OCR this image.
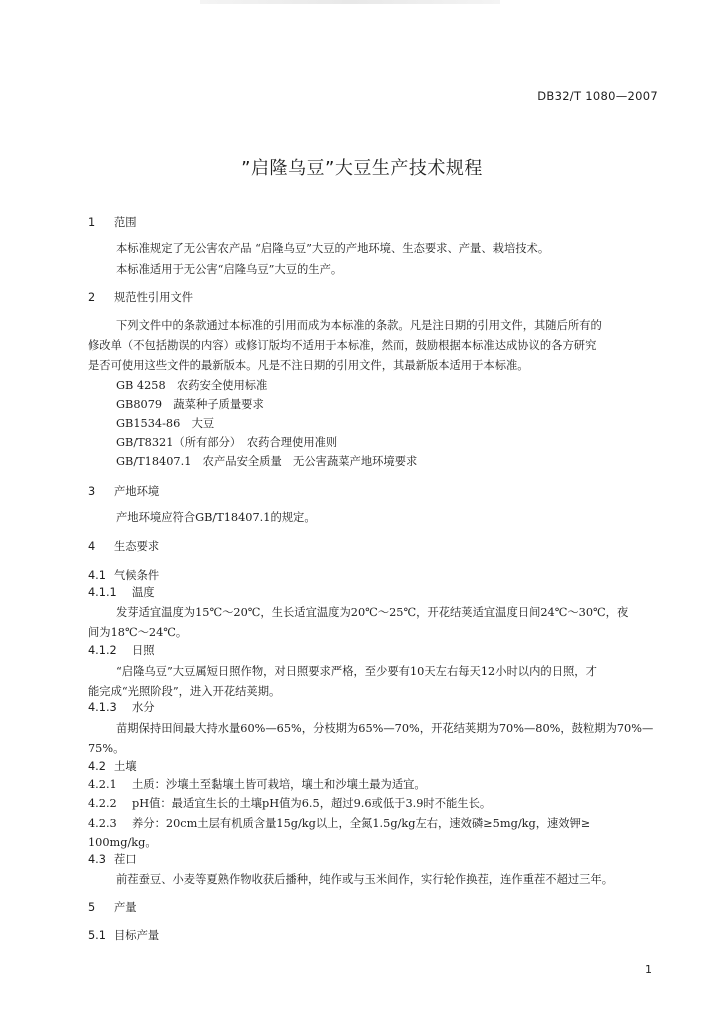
DB32/T 1080—2007
”启隆乌豆”大豆生产技术规程
1 范围
本标准规定了无公害农产品 “启隆乌豆”大豆的产地环境、生态要求、产量、栽培技术。
本标准适用于无公害“启隆乌豆”大豆的生产。
2 规范性引用文件
下列文件中的条款通过本标准的引用而成为本标准的条款。凡是注日期的引用文件，其随后所有的
修改单（不包括勘误的内容）或修订版均不适用于本标准，然而，鼓励根据本标准达成协议的各方研究
是否可使用这些文件的最新版本。凡是不注日期的引用文件，其最新版本适用于本标准。
GB 4258　农药安全使用标准
GB8079　蔬菜种子质量要求
GB1534-86　大豆
GB/T8321（所有部分）　农药合理使用准则
GB/T18407.1　农产品安全质量　无公害蔬菜产地环境要求
3 产地环境
产地环境应符合GB/T18407.1的规定。
4 生态要求
4.1 气候条件
4.1.1 温度
发芽适宜温度为15℃～20℃，生长适宜温度为20℃～25℃，开花结荚适宜温度日间24℃～30℃，夜
间为18℃～24℃。
4.1.2 日照
“启隆乌豆”大豆属短日照作物，对日照要求严格，至少要有10天左右每天12小时以内的日照，才
能完成“光照阶段”，进入开花结荚期。
4.1.3 水分
苗期保持田间最大持水量60%—65%，分枝期为65%—70%，开花结荚期为70%—80%，鼓粒期为70%—
75%。
4.2 土壤
4.2.1 土质：沙壤土至黏壤土皆可栽培，壤土和沙壤土最为适宜。
4.2.2 pH值：最适宜生长的土壤pH值为6.5，超过9.6或低于3.9时不能生长。
4.2.3 养分：20cm土层有机质含量15g/kg以上，全氮1.5g/kg左右，速效磷≥5mg/kg，速效钾≥
100mg/kg。
4.3 茬口
前茬蚕豆、小麦等夏熟作物收获后播种，纯作或与玉米间作，实行轮作换茬，连作重茬不超过三年。
5 产量
5.1 目标产量
1
